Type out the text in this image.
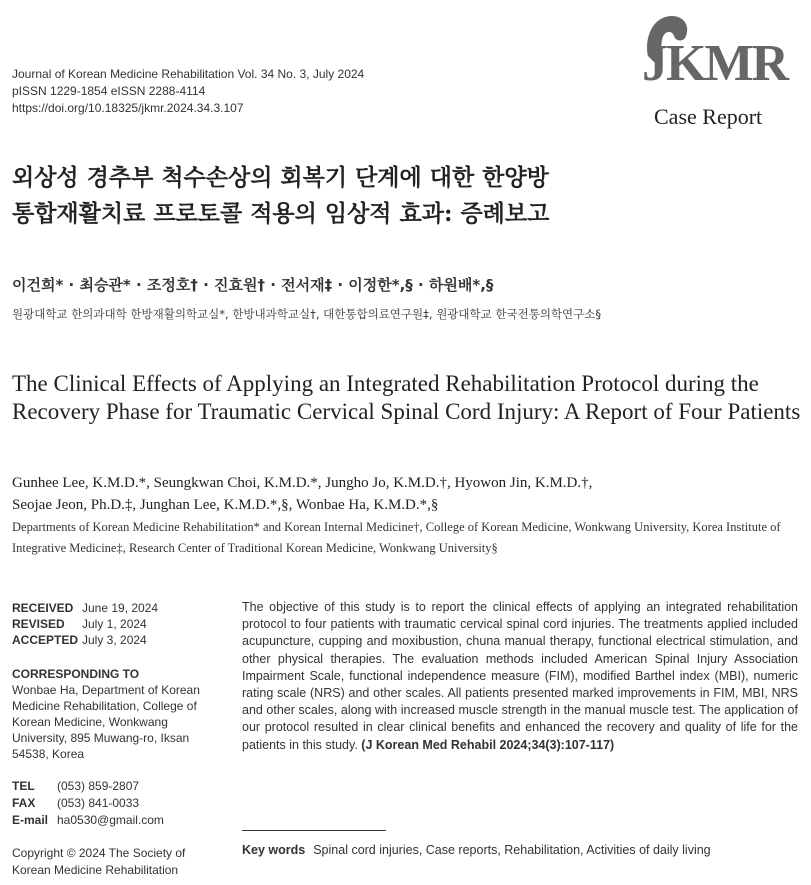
Journal of Korean Medicine Rehabilitation Vol. 34 No. 3, July 2024
pISSN 1229-1854 eISSN 2288-4114
https://doi.org/10.18325/jkmr.2024.34.3.107
JKMR
Case Report
외상성 경추부 척수손상의 회복기 단계에 대한 한양방
통합재활치료 프로토콜 적용의 임상적 효과: 증례보고
이건희* · 최승관* · 조정호† · 진효원† · 전서재‡ · 이정한*,§ · 하원배*,§
원광대학교 한의과대학 한방재활의학교실*, 한방내과학교실†, 대한통합의료연구원‡, 원광대학교 한국전통의학연구소§
The Clinical Effects of Applying an Integrated Rehabilitation Protocol during the Recovery Phase for Traumatic Cervical Spinal Cord Injury: A Report of Four Patients
Gunhee Lee, K.M.D.*, Seungkwan Choi, K.M.D.*, Jungho Jo, K.M.D.†, Hyowon Jin, K.M.D.†,
Seojae Jeon, Ph.D.‡, Junghan Lee, K.M.D.*,§, Wonbae Ha, K.M.D.*,§
Departments of Korean Medicine Rehabilitation* and Korean Internal Medicine†, College of Korean Medicine, Wonkwang University, Korea Institute of Integrative Medicine‡, Research Center of Traditional Korean Medicine, Wonkwang University§
RECEIVED June 19, 2024
REVISED July 1, 2024
ACCEPTED July 3, 2024
CORRESPONDING TO
Wonbae Ha, Department of Korean Medicine Rehabilitation, College of Korean Medicine, Wonkwang University, 895 Muwang-ro, Iksan 54538, Korea
TEL (053) 859-2807
FAX (053) 841-0033
E-mail ha0530@gmail.com
Copyright © 2024 The Society of
Korean Medicine Rehabilitation
The objective of this study is to report the clinical effects of applying an integrated rehabilitation protocol to four patients with traumatic cervical spinal cord injuries. The treatments applied included acupuncture, cupping and moxibustion, chuna manual therapy, functional electrical stimulation, and other physical therapies. The evaluation methods included American Spinal Injury Association Impairment Scale, functional independence measure (FIM), modified Barthel index (MBI), numeric rating scale (NRS) and other scales. All patients presented marked improvements in FIM, MBI, NRS and other scales, along with increased muscle strength in the manual muscle test. The application of our protocol resulted in clear clinical benefits and enhanced the recovery and quality of life for the patients in this study. (J Korean Med Rehabil 2024;34(3):107-117)
Key words Spinal cord injuries, Case reports, Rehabilitation, Activities of daily living
